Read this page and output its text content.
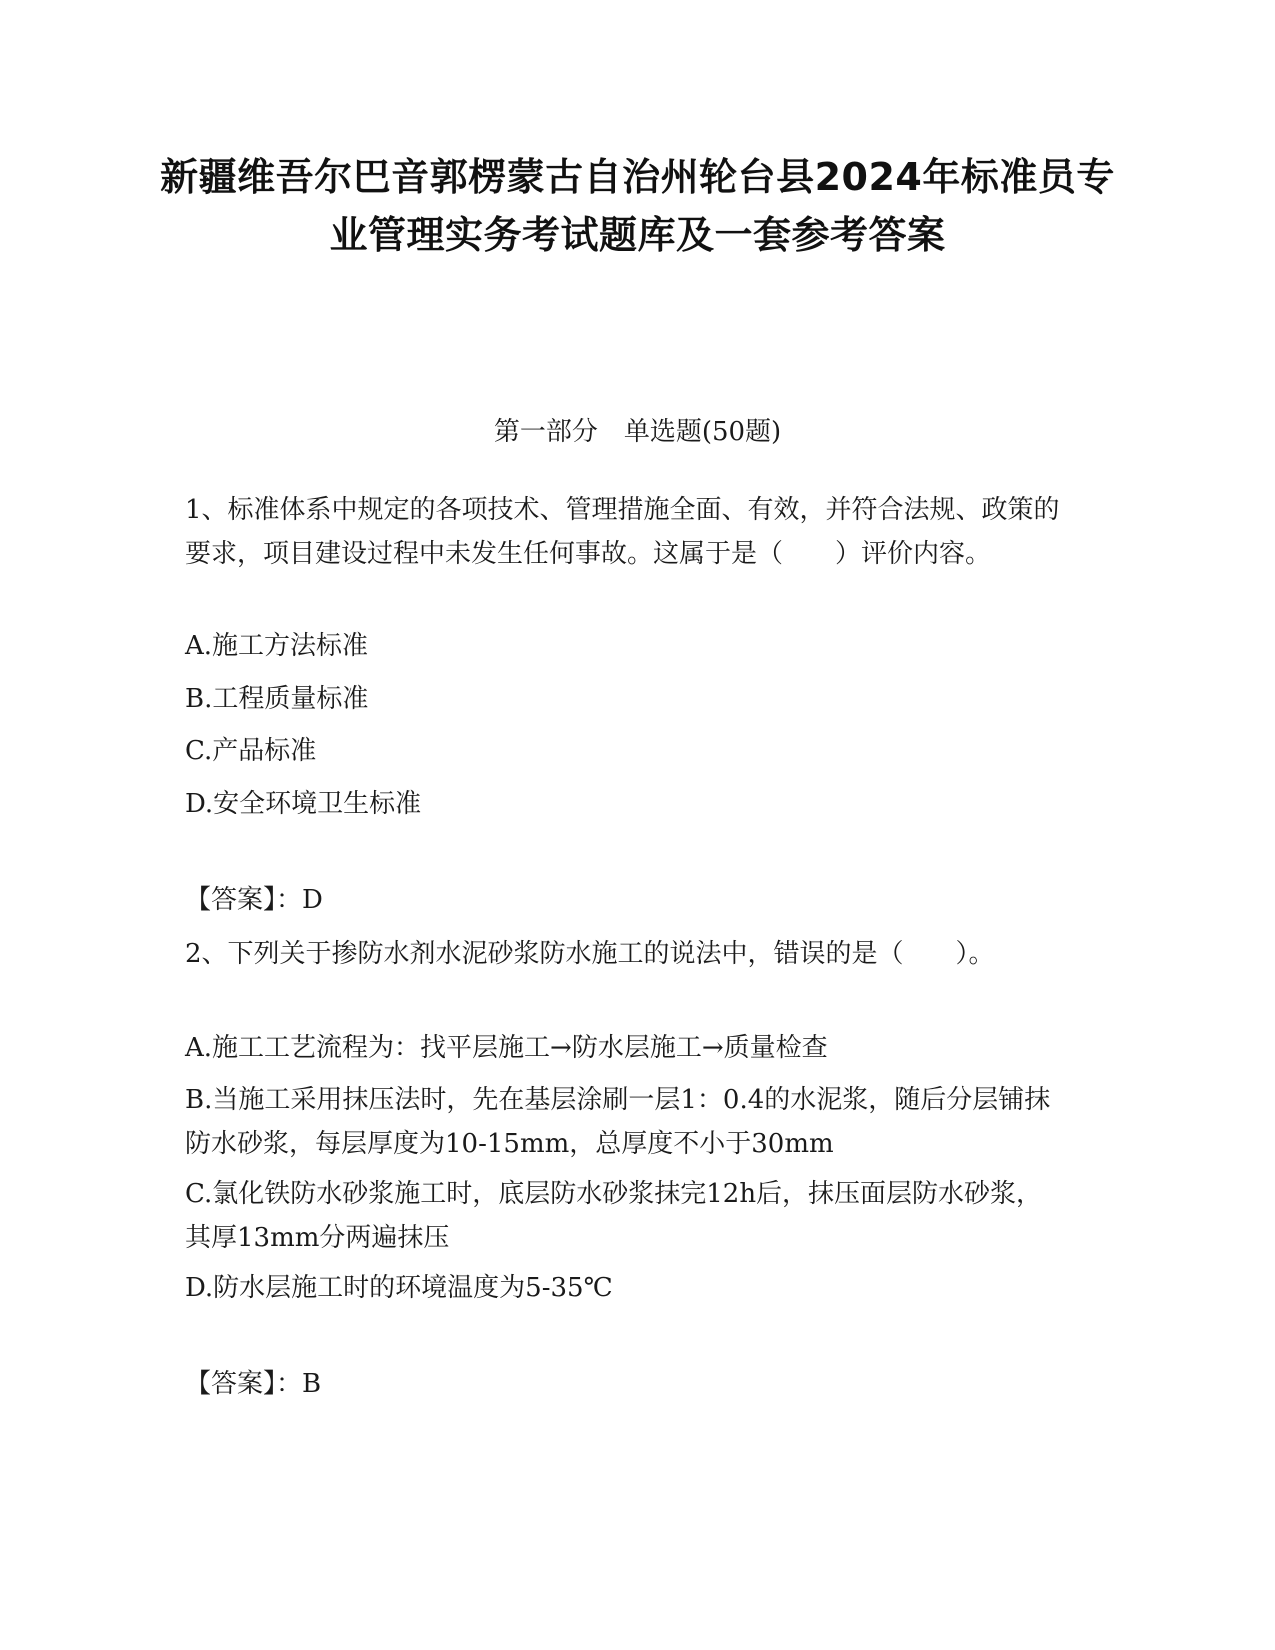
新疆维吾尔巴音郭楞蒙古自治州轮台县2024年标准员专业管理实务考试题库及一套参考答案
第一部分　单选题(50题)
1、标准体系中规定的各项技术、管理措施全面、有效，并符合法规、政策的要求，项目建设过程中未发生任何事故。这属于是（　　）评价内容。
A.施工方法标准
B.工程质量标准
C.产品标准
D.安全环境卫生标准
【答案】：D
2、下列关于掺防水剂水泥砂浆防水施工的说法中，错误的是（　　）。
A.施工工艺流程为：找平层施工→防水层施工→质量检查
B.当施工采用抹压法时，先在基层涂刷一层1：0.4的水泥浆，随后分层铺抹防水砂浆，每层厚度为10-15mm，总厚度不小于30mm
C.氯化铁防水砂浆施工时，底层防水砂浆抹完12h后，抹压面层防水砂浆，其厚13mm分两遍抹压
D.防水层施工时的环境温度为5-35℃
【答案】：B
